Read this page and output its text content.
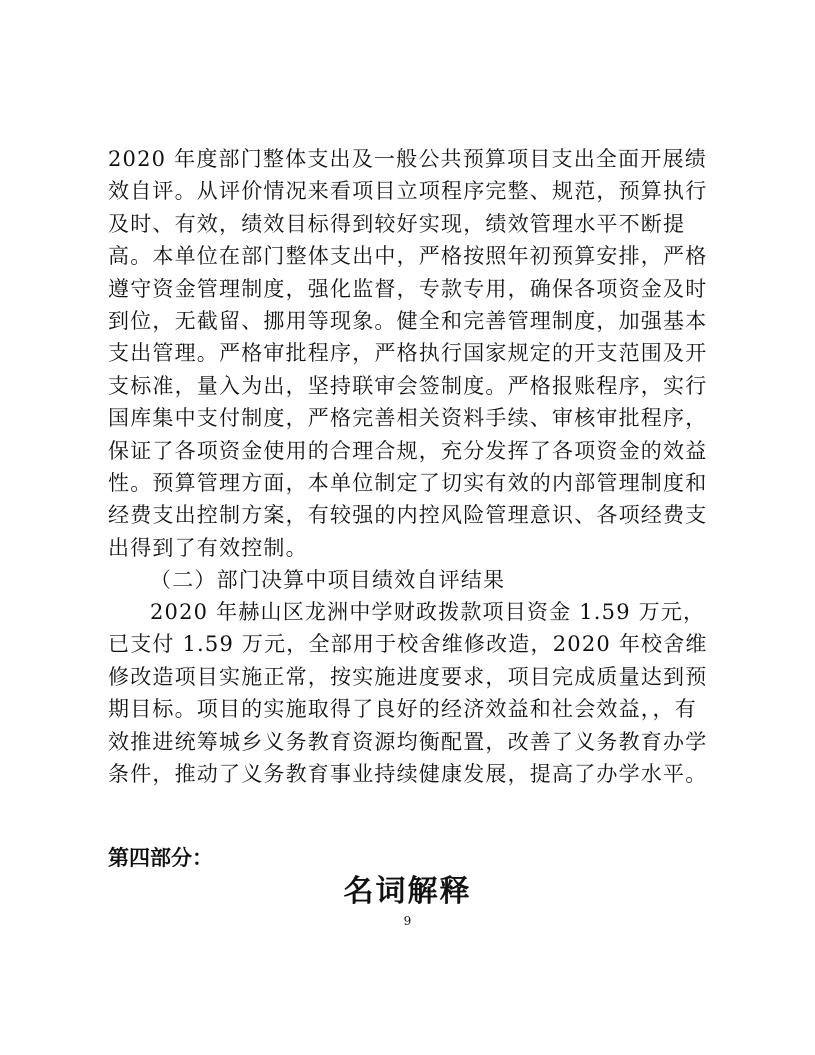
2020 年度部门整体支出及一般公共预算项目支出全面开展绩效自评。从评价情况来看项目立项程序完整、规范，预算执行及时、有效，绩效目标得到较好实现，绩效管理水平不断提高。本单位在部门整体支出中，严格按照年初预算安排，严格遵守资金管理制度，强化监督，专款专用，确保各项资金及时到位，无截留、挪用等现象。健全和完善管理制度，加强基本支出管理。严格审批程序，严格执行国家规定的开支范围及开支标准，量入为出，坚持联审会签制度。严格报账程序，实行国库集中支付制度，严格完善相关资料手续、审核审批程序，保证了各项资金使用的合理合规，充分发挥了各项资金的效益性。预算管理方面，本单位制定了切实有效的内部管理制度和经费支出控制方案，有较强的内控风险管理意识、各项经费支出得到了有效控制。

（二）部门决算中项目绩效自评结果

2020 年赫山区龙洲中学财政拨款项目资金 1.59 万元，已支付 1.59 万元，全部用于校舍维修改造，2020 年校舍维修改造项目实施正常，按实施进度要求，项目完成质量达到预期目标。项目的实施取得了良好的经济效益和社会效益，，有效推进统筹城乡义务教育资源均衡配置，改善了义务教育办学条件，推动了义务教育事业持续健康发展，提高了办学水平。

第四部分：

名词解释
9
